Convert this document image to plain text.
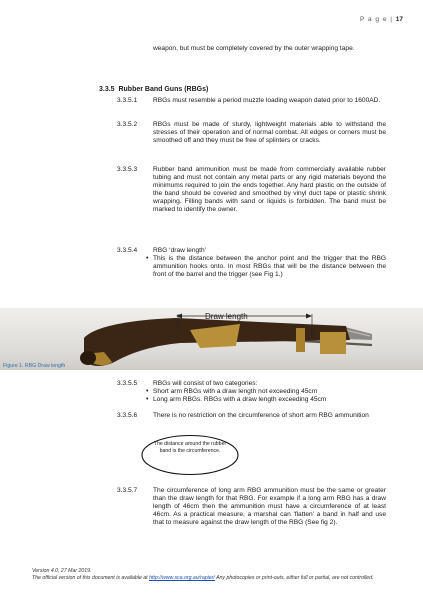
P a g e | 17
weapon, but must be completely covered by the outer wrapping tape.
3.3.5 Rubber Band Guns (RBGs)
3.3.5.1 RBGs must resemble a period muzzle loading weapon dated prior to 1600AD.
3.3.5.2 RBGs must be made of sturdy, lightweight materials able to withstand the stresses of their operation and of normal combat. All edges or corners must be smoothed off and they must be free of splinters or cracks.
3.3.5.3 Rubber band ammunition must be made from commercially available rubber tubing and must not contain any metal parts or any rigid materials beyond the minimums required to join the ends together. Any hard plastic on the outside of the band should be covered and smoothed by vinyl duct tape or plastic shrink wrapping. Filling bands with sand or liquids is forbidden. The band must be marked to identify the owner.
3.3.5.4 RBG ‘draw length’
• This is the distance between the anchor point and the trigger that the RBG ammunition hooks onto. In most RBGs that will be the distance between the front of the barrel and the trigger (see Fig 1.)
Draw length
Figure 1. RBG Draw length
3.3.5.5 RBGs will consist of two categories:
• Short arm RBGs with a draw length not exceeding 45cm
• Long arm RBGs. RBGs with a draw length exceeding 45cm
3.3.5.6 There is no restriction on the circumference of short arm RBG ammunition
The distance around the rubber band is the circumference.
3.3.5.7 The circumference of long arm RBG ammunition must be the same or greater than the draw length for that RBG. For example if a long arm RBG has a draw length of 46cm then the ammunition must have a circumference of at least 46cm. As a practical measure, a marshal can 'flatten' a band in half and use that to measure against the draw length of the RBG (See fig 2).
Version 4.0, 27 Mar 2019.
The official version of this document is available at http://www.sca.org.au/rapier/ Any photocopies or print-outs, either full or partial, are not controlled.
